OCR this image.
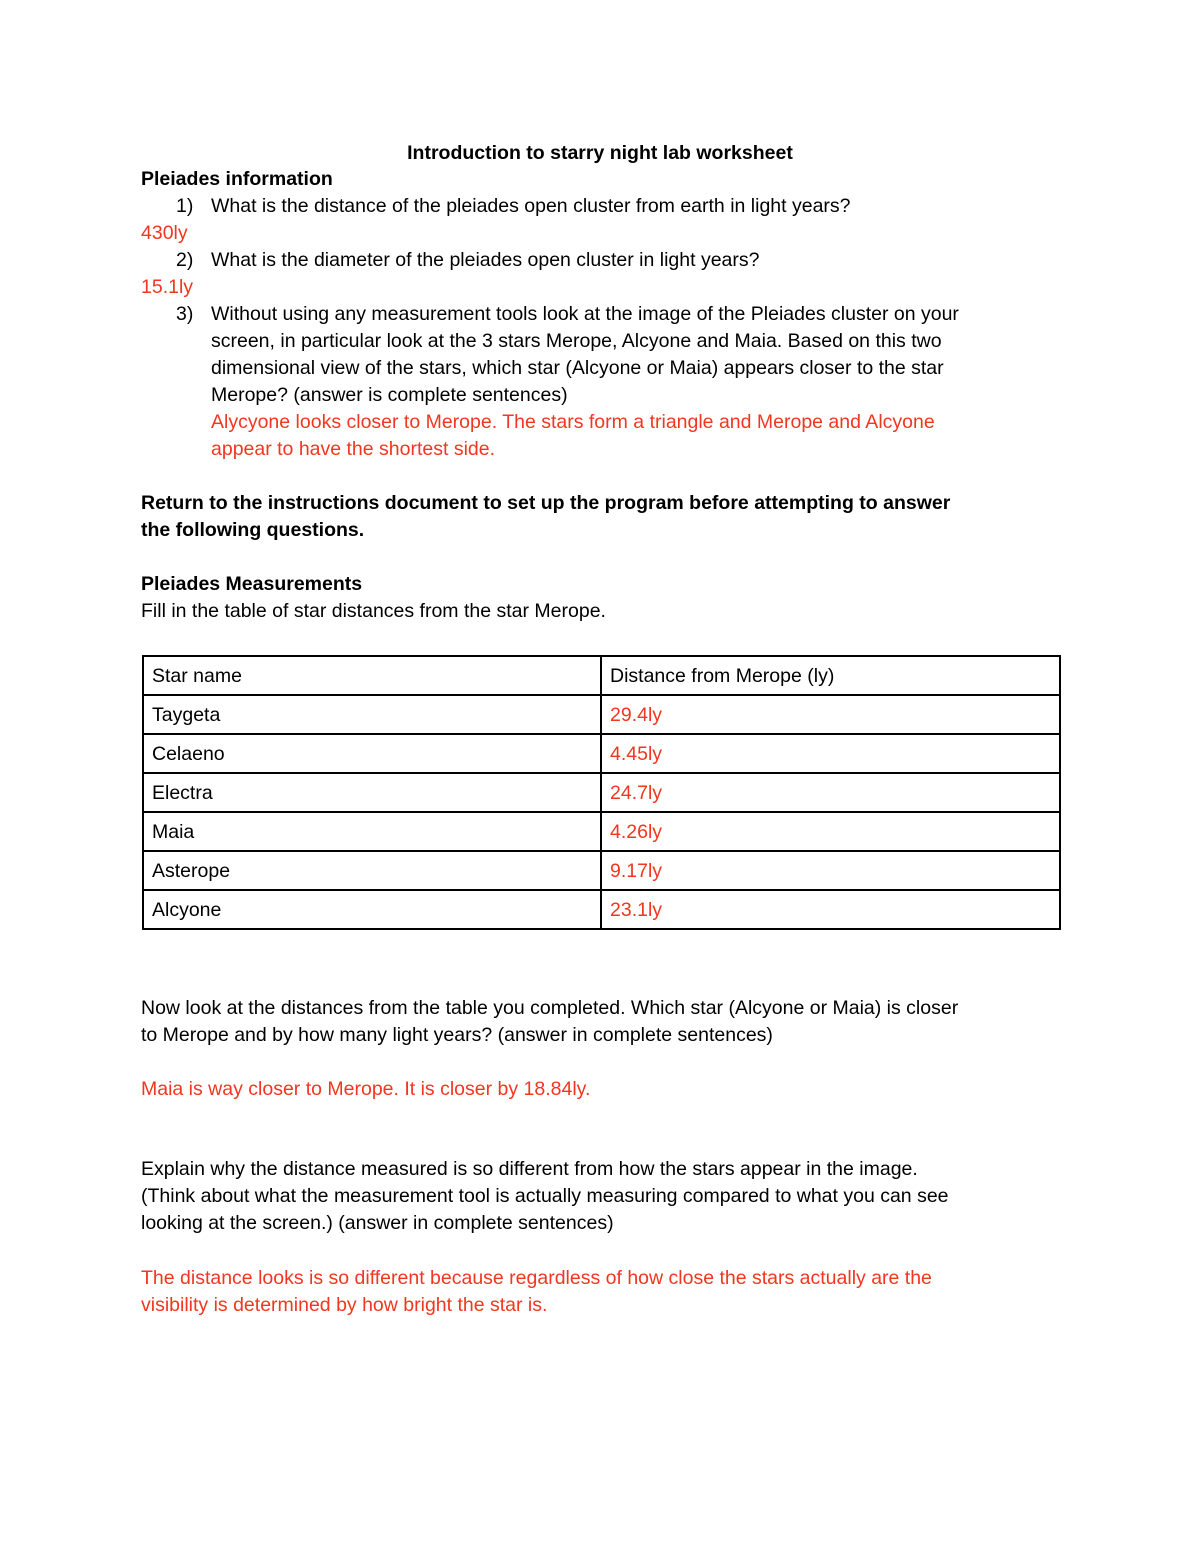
Introduction to starry night lab worksheet
Pleiades information
1) What is the distance of the pleiades open cluster from earth in light years?
430ly
2) What is the diameter of the pleiades open cluster in light years?
15.1ly
3) Without using any measurement tools look at the image of the Pleiades cluster on your
screen, in particular look at the 3 stars Merope, Alcyone and Maia. Based on this two
dimensional view of the stars, which star (Alcyone or Maia) appears closer to the star
Merope? (answer is complete sentences)
Alycyone looks closer to Merope. The stars form a triangle and Merope and Alcyone
appear to have the shortest side.
Return to the instructions document to set up the program before attempting to answer
the following questions.
Pleiades Measurements
Fill in the table of star distances from the star Merope.
Star name	Distance from Merope (ly)
Taygeta	29.4ly
Celaeno	4.45ly
Electra	24.7ly
Maia	4.26ly
Asterope	9.17ly
Alcyone	23.1ly
Now look at the distances from the table you completed. Which star (Alcyone or Maia) is closer
to Merope and by how many light years? (answer in complete sentences)
Maia is way closer to Merope. It is closer by 18.84ly.
Explain why the distance measured is so different from how the stars appear in the image.
(Think about what the measurement tool is actually measuring compared to what you can see
looking at the screen.) (answer in complete sentences)
The distance looks is so different because regardless of how close the stars actually are the
visibility is determined by how bright the star is.
